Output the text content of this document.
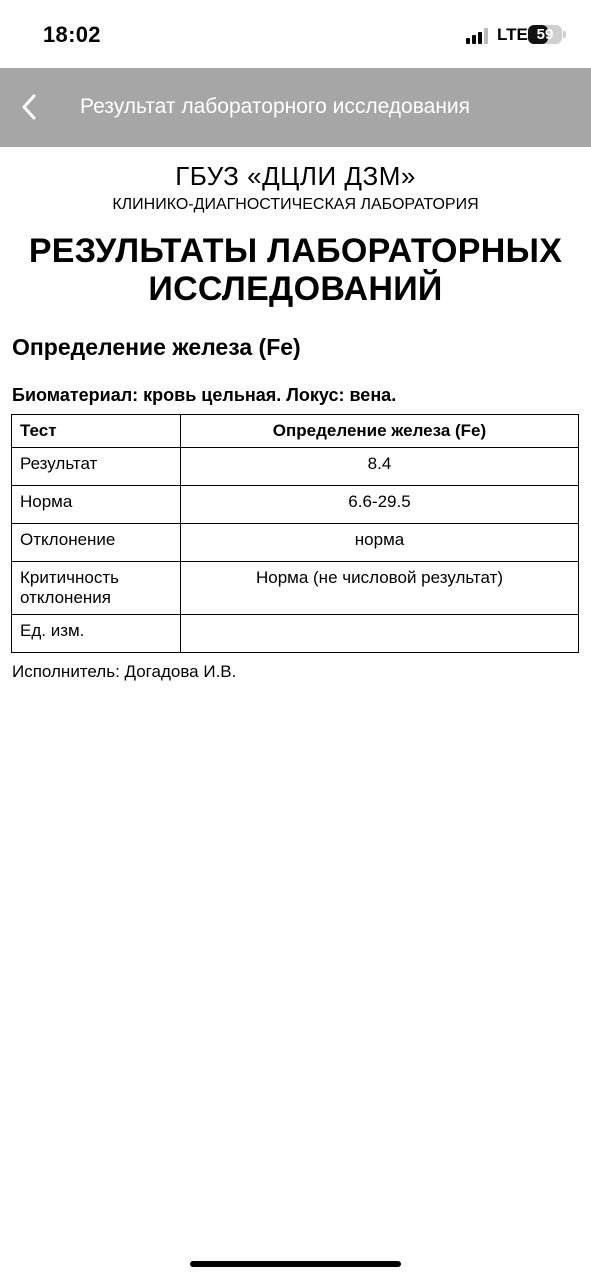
18:02	LTE 59
Результат лабораторного исследования
ГБУЗ «ДЦЛИ ДЗМ»
КЛИНИКО-ДИАГНОСТИЧЕСКАЯ ЛАБОРАТОРИЯ
РЕЗУЛЬТАТЫ ЛАБОРАТОРНЫХ ИССЛЕДОВАНИЙ
Определение железа (Fe)
Биоматериал: кровь цельная. Локус: вена.
Тест	Определение железа (Fe)
Результат	8.4
Норма	6.6-29.5
Отклонение	норма
Критичность отклонения	Норма (не числовой результат)
Ед. изм.	
Исполнитель: Догадова И.В.
